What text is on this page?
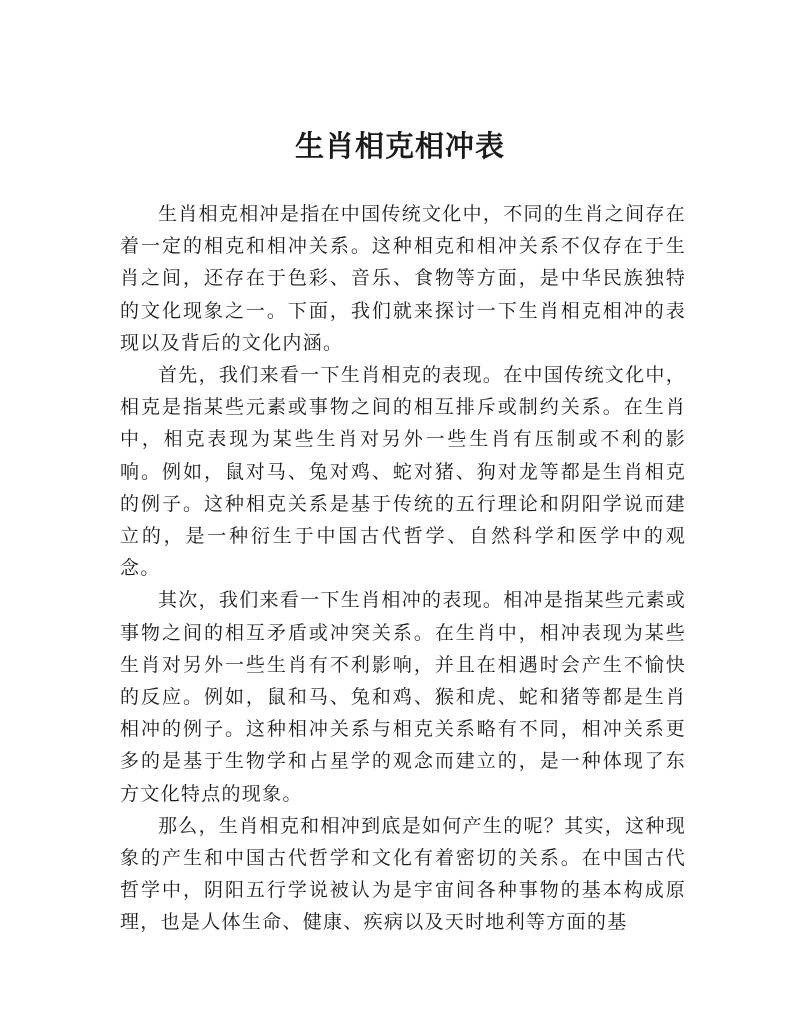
生肖相克相冲表

生肖相克相冲是指在中国传统文化中，不同的生肖之间存在着一定的相克和相冲关系。这种相克和相冲关系不仅存在于生肖之间，还存在于色彩、音乐、食物等方面，是中华民族独特的文化现象之一。下面，我们就来探讨一下生肖相克相冲的表现以及背后的文化内涵。

首先，我们来看一下生肖相克的表现。在中国传统文化中，相克是指某些元素或事物之间的相互排斥或制约关系。在生肖中，相克表现为某些生肖对另外一些生肖有压制或不利的影响。例如，鼠对马、兔对鸡、蛇对猪、狗对龙等都是生肖相克的例子。这种相克关系是基于传统的五行理论和阴阳学说而建立的，是一种衍生于中国古代哲学、自然科学和医学中的观念。

其次，我们来看一下生肖相冲的表现。相冲是指某些元素或事物之间的相互矛盾或冲突关系。在生肖中，相冲表现为某些生肖对另外一些生肖有不利影响，并且在相遇时会产生不愉快的反应。例如，鼠和马、兔和鸡、猴和虎、蛇和猪等都是生肖相冲的例子。这种相冲关系与相克关系略有不同，相冲关系更多的是基于生物学和占星学的观念而建立的，是一种体现了东方文化特点的现象。

那么，生肖相克和相冲到底是如何产生的呢？其实，这种现象的产生和中国古代哲学和文化有着密切的关系。在中国古代哲学中，阴阳五行学说被认为是宇宙间各种事物的基本构成原理，也是人体生命、健康、疾病以及天时地利等方面的基
